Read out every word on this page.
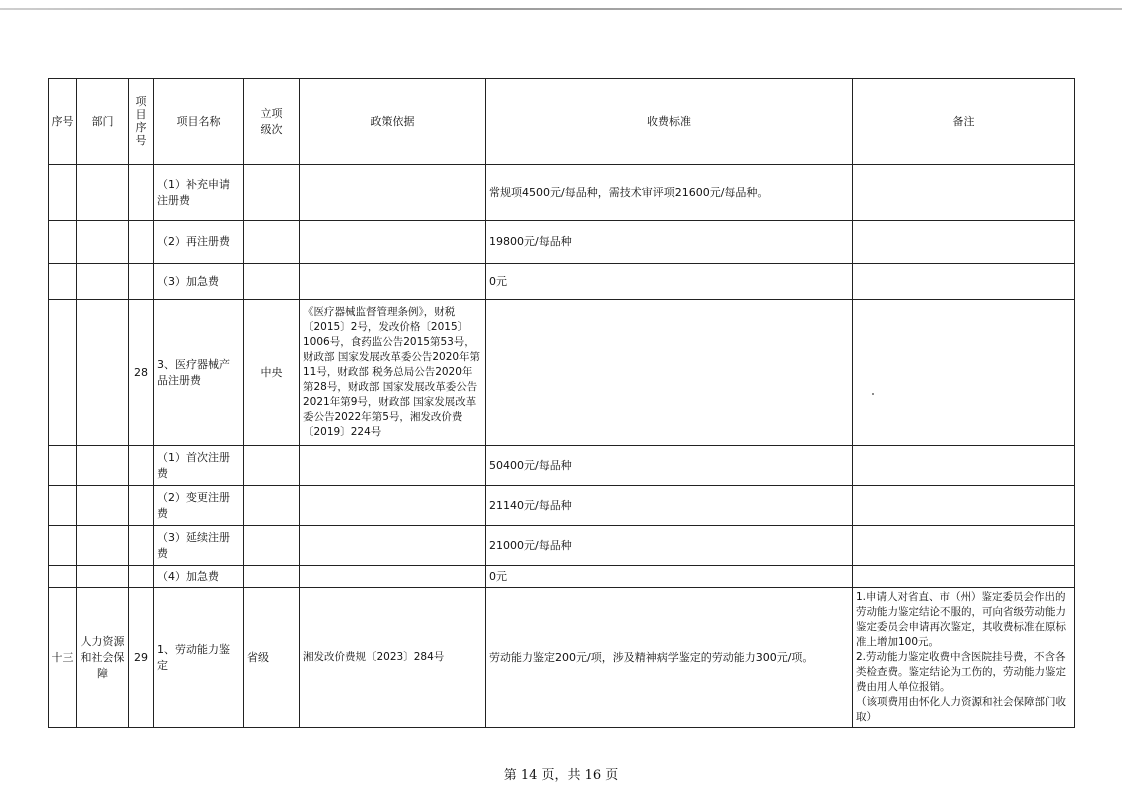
序号	部门	项目序号	项目名称	立项级次	政策依据	收费标准	备注
			（1）补充申请注册费			常规项4500元/每品种，需技术审评项21600元/每品种。	
			（2）再注册费			19800元/每品种	
			（3）加急费			0元	
		28	3、医疗器械产品注册费	中央	《医疗器械监督管理条例》，财税〔2015〕2号，发改价格〔2015〕1006号，食药监公告2015第53号，财政部 国家发展改革委公告2020年第11号，财政部 税务总局公告2020年第28号，财政部 国家发展改革委公告2021年第9号，财政部 国家发展改革委公告2022年第5号，湘发改价费〔2019〕224号		
			（1）首次注册费			50400元/每品种	
			（2）变更注册费			21140元/每品种	
			（3）延续注册费			21000元/每品种	
			（4）加急费			0元	
十三	人力资源和社会保障	29	1、劳动能力鉴定	省级	湘发改价费规〔2023〕284号	劳动能力鉴定200元/项，涉及精神病学鉴定的劳动能力300元/项。	1.申请人对省直、市（州）鉴定委员会作出的劳动能力鉴定结论不服的，可向省级劳动能力鉴定委员会申请再次鉴定，其收费标准在原标准上增加100元。
2.劳动能力鉴定收费中含医院挂号费，不含各类检查费。鉴定结论为工伤的，劳动能力鉴定费由用人单位报销。
（该项费用由怀化人力资源和社会保障部门收取）
第 14 页，共 16 页
